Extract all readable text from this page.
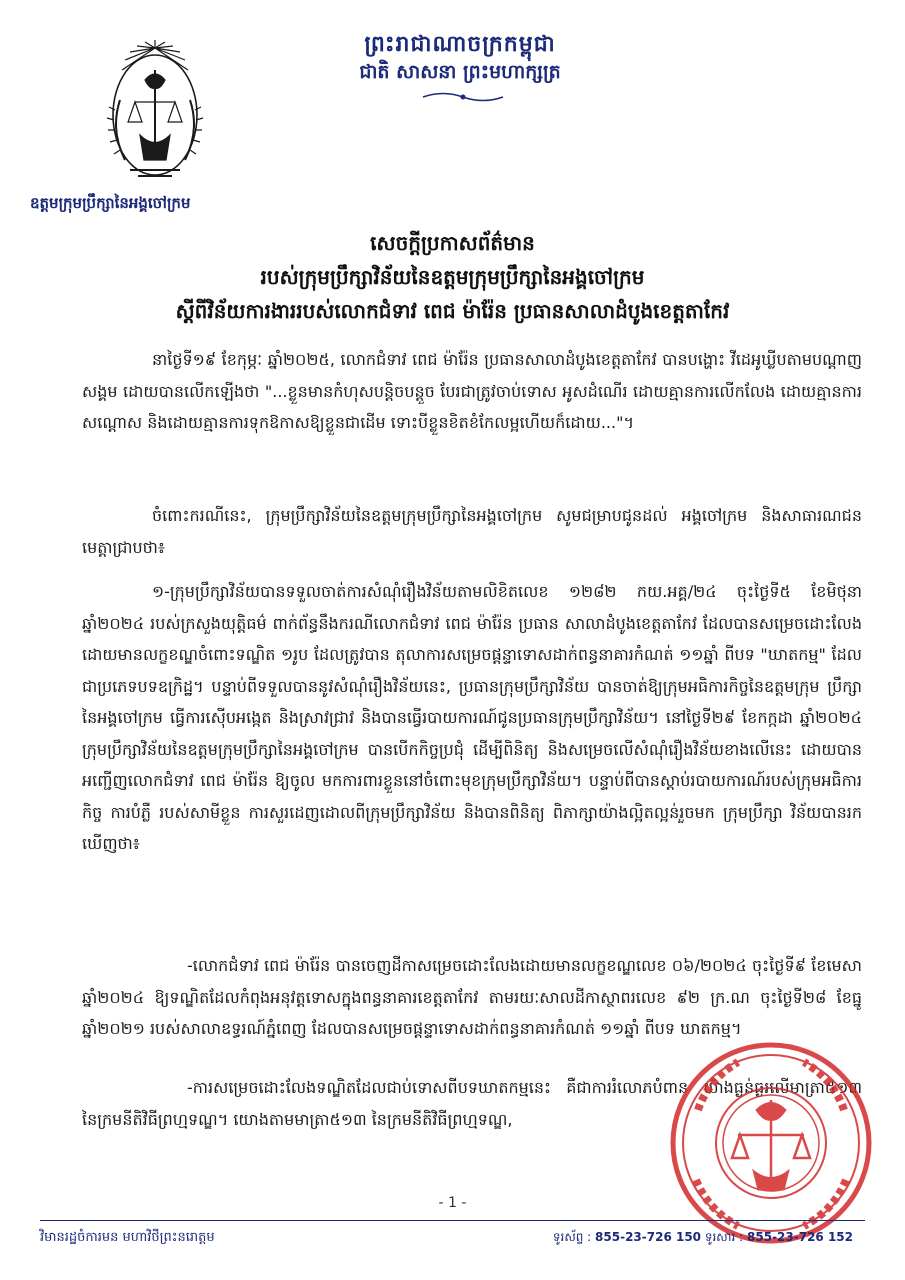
ព្រះរាជាណាចក្រកម្ពុជា
ជាតិ សាសនា ព្រះមហាក្សត្រ
ឧត្តមក្រុមប្រឹក្សានៃអង្គចៅក្រម
សេចក្ដីប្រកាសព័ត៌មាន
របស់ក្រុមប្រឹក្សាវិន័យនៃឧត្ដមក្រុមប្រឹក្សានៃអង្គចៅក្រម
ស្ដីពីវិន័យការងាររបស់លោកជំទាវ ពេជ ម៉ារ៉ែន ប្រធានសាលាដំបូងខេត្តតាកែវ
នាថ្ងៃទី១៩ ខែកុម្ភៈ ឆ្នាំ២០២៥, លោកជំទាវ ពេជ ម៉ារ៉ែន ប្រធានសាលាដំបូងខេត្តតាកែវ បានបង្ហោះ វីដេអូឃ្លីបតាមបណ្ដាញសង្គម ដោយបានលើកឡើងថា "...ខ្លួនមានកំហុសបន្តិចបន្តួច បែរជាត្រូវចាប់ទោស អូសដំណើរ ដោយគ្មានការលើកលែង ដោយគ្មានការសណ្ដោស និងដោយគ្មានការទុកឱកាសឱ្យខ្លួនជាដើម ទោះបីខ្លួនខិតខំកែលម្អហើយក៏ដោយ..."។
ចំពោះករណីនេះ, ក្រុមប្រឹក្សាវិន័យនៃឧត្ដមក្រុមប្រឹក្សានៃអង្គចៅក្រម សូមជម្រាបជូនដល់ អង្គចៅក្រម និងសាធារណជន មេត្តាជ្រាបថា៖
១-ក្រុមប្រឹក្សាវិន័យបានទទួលចាត់ការសំណុំរឿងវិន័យតាមលិខិតលេខ ១២៨២ កយ.អគ្គ/២៤ ចុះថ្ងៃទី៥ ខែមិថុនា ឆ្នាំ២០២៤ របស់ក្រសួងយុត្តិធម៌ ពាក់ព័ន្ធនឹងករណីលោកជំទាវ ពេជ ម៉ារ៉ែន ប្រធាន សាលាដំបូងខេត្តតាកែវ ដែលបានសម្រេចដោះលែងដោយមានលក្ខខណ្ឌចំពោះទណ្ឌិត ១រូប ដែលត្រូវបាន តុលាការសម្រេចផ្ដន្ទាទោសដាក់ពន្ធនាគារកំណត់ ១១ឆ្នាំ ពីបទ "ឃាតកម្ម" ដែលជាប្រភេទបទឧក្រិដ្ឋ។ បន្ទាប់ពីទទួលបាននូវសំណុំរឿងវិន័យនេះ, ប្រធានក្រុមប្រឹក្សាវិន័យ បានចាត់ឱ្យក្រុមអធិការកិច្ចនៃឧត្តមក្រុម ប្រឹក្សានៃអង្គចៅក្រម ធ្វើការស៊ើបអង្កេត និងស្រាវជ្រាវ និងបានធ្វើរបាយការណ៍ជូនប្រធានក្រុមប្រឹក្សាវិន័យ។ នៅថ្ងៃទី២៩ ខែកក្កដា ឆ្នាំ២០២៤ ក្រុមប្រឹក្សាវិន័យនៃឧត្តមក្រុមប្រឹក្សានៃអង្គចៅក្រម បានបើកកិច្ចប្រជុំ ដើម្បីពិនិត្យ និងសម្រេចលើសំណុំរឿងវិន័យខាងលើនេះ ដោយបានអញ្ជើញលោកជំទាវ ពេជ ម៉ារ៉ែន ឱ្យចូល មកការពារខ្លួននៅចំពោះមុខក្រុមប្រឹក្សាវិន័យ។ បន្ទាប់ពីបានស្ដាប់របាយការណ៍របស់ក្រុមអធិការកិច្ច ការបំភ្លឺ របស់សាមីខ្លួន ការសួរដេញដោលពីក្រុមប្រឹក្សាវិន័យ និងបានពិនិត្យ ពិភាក្សាយ៉ាងល្អិតល្អន់រួចមក ក្រុមប្រឹក្សា វិន័យបានរកឃើញថា៖
-លោកជំទាវ ពេជ ម៉ារ៉ែន បានចេញដីកាសម្រេចដោះលែងដោយមានលក្ខខណ្ឌលេខ ០៦/២០២៤ ចុះថ្ងៃទី៩ ខែមេសា ឆ្នាំ២០២៤ ឱ្យទណ្ឌិតដែលកំពុងអនុវត្តទោសក្នុងពន្ធនាគារខេត្តតាកែវ តាមរយៈសាលដីកាស្ថាពរលេខ ៩២ ក្រ.ណ ចុះថ្ងៃទី២៨ ខែធ្នូ ឆ្នាំ២០២១ របស់សាលាឧទ្ធរណ៍ភ្នំពេញ ដែលបានសម្រេចផ្ដន្ទាទោសដាក់ពន្ធនាគារកំណត់ ១១ឆ្នាំ ពីបទ ឃាតកម្ម។
-ការសម្រេចដោះលែងទណ្ឌិតដែលជាប់ទោសពីបទឃាតកម្មនេះ គឺជាការរំលោភបំពាន យ៉ាងធ្ងន់ធ្ងរលើមាត្រា៥១៣ នៃក្រមនីតិវិធីព្រហ្មទណ្ឌ។ យោងតាមមាត្រា៥១៣ នៃក្រមនីតិវិធីព្រហ្មទណ្ឌ,
- 1 -
វិមានរដ្ឋចំការមន មហាវិថីព្រះនរោត្តម	ទូរស័ព្ទ : 855-23-726 150 ទូរសារ : 855-23-726 152
